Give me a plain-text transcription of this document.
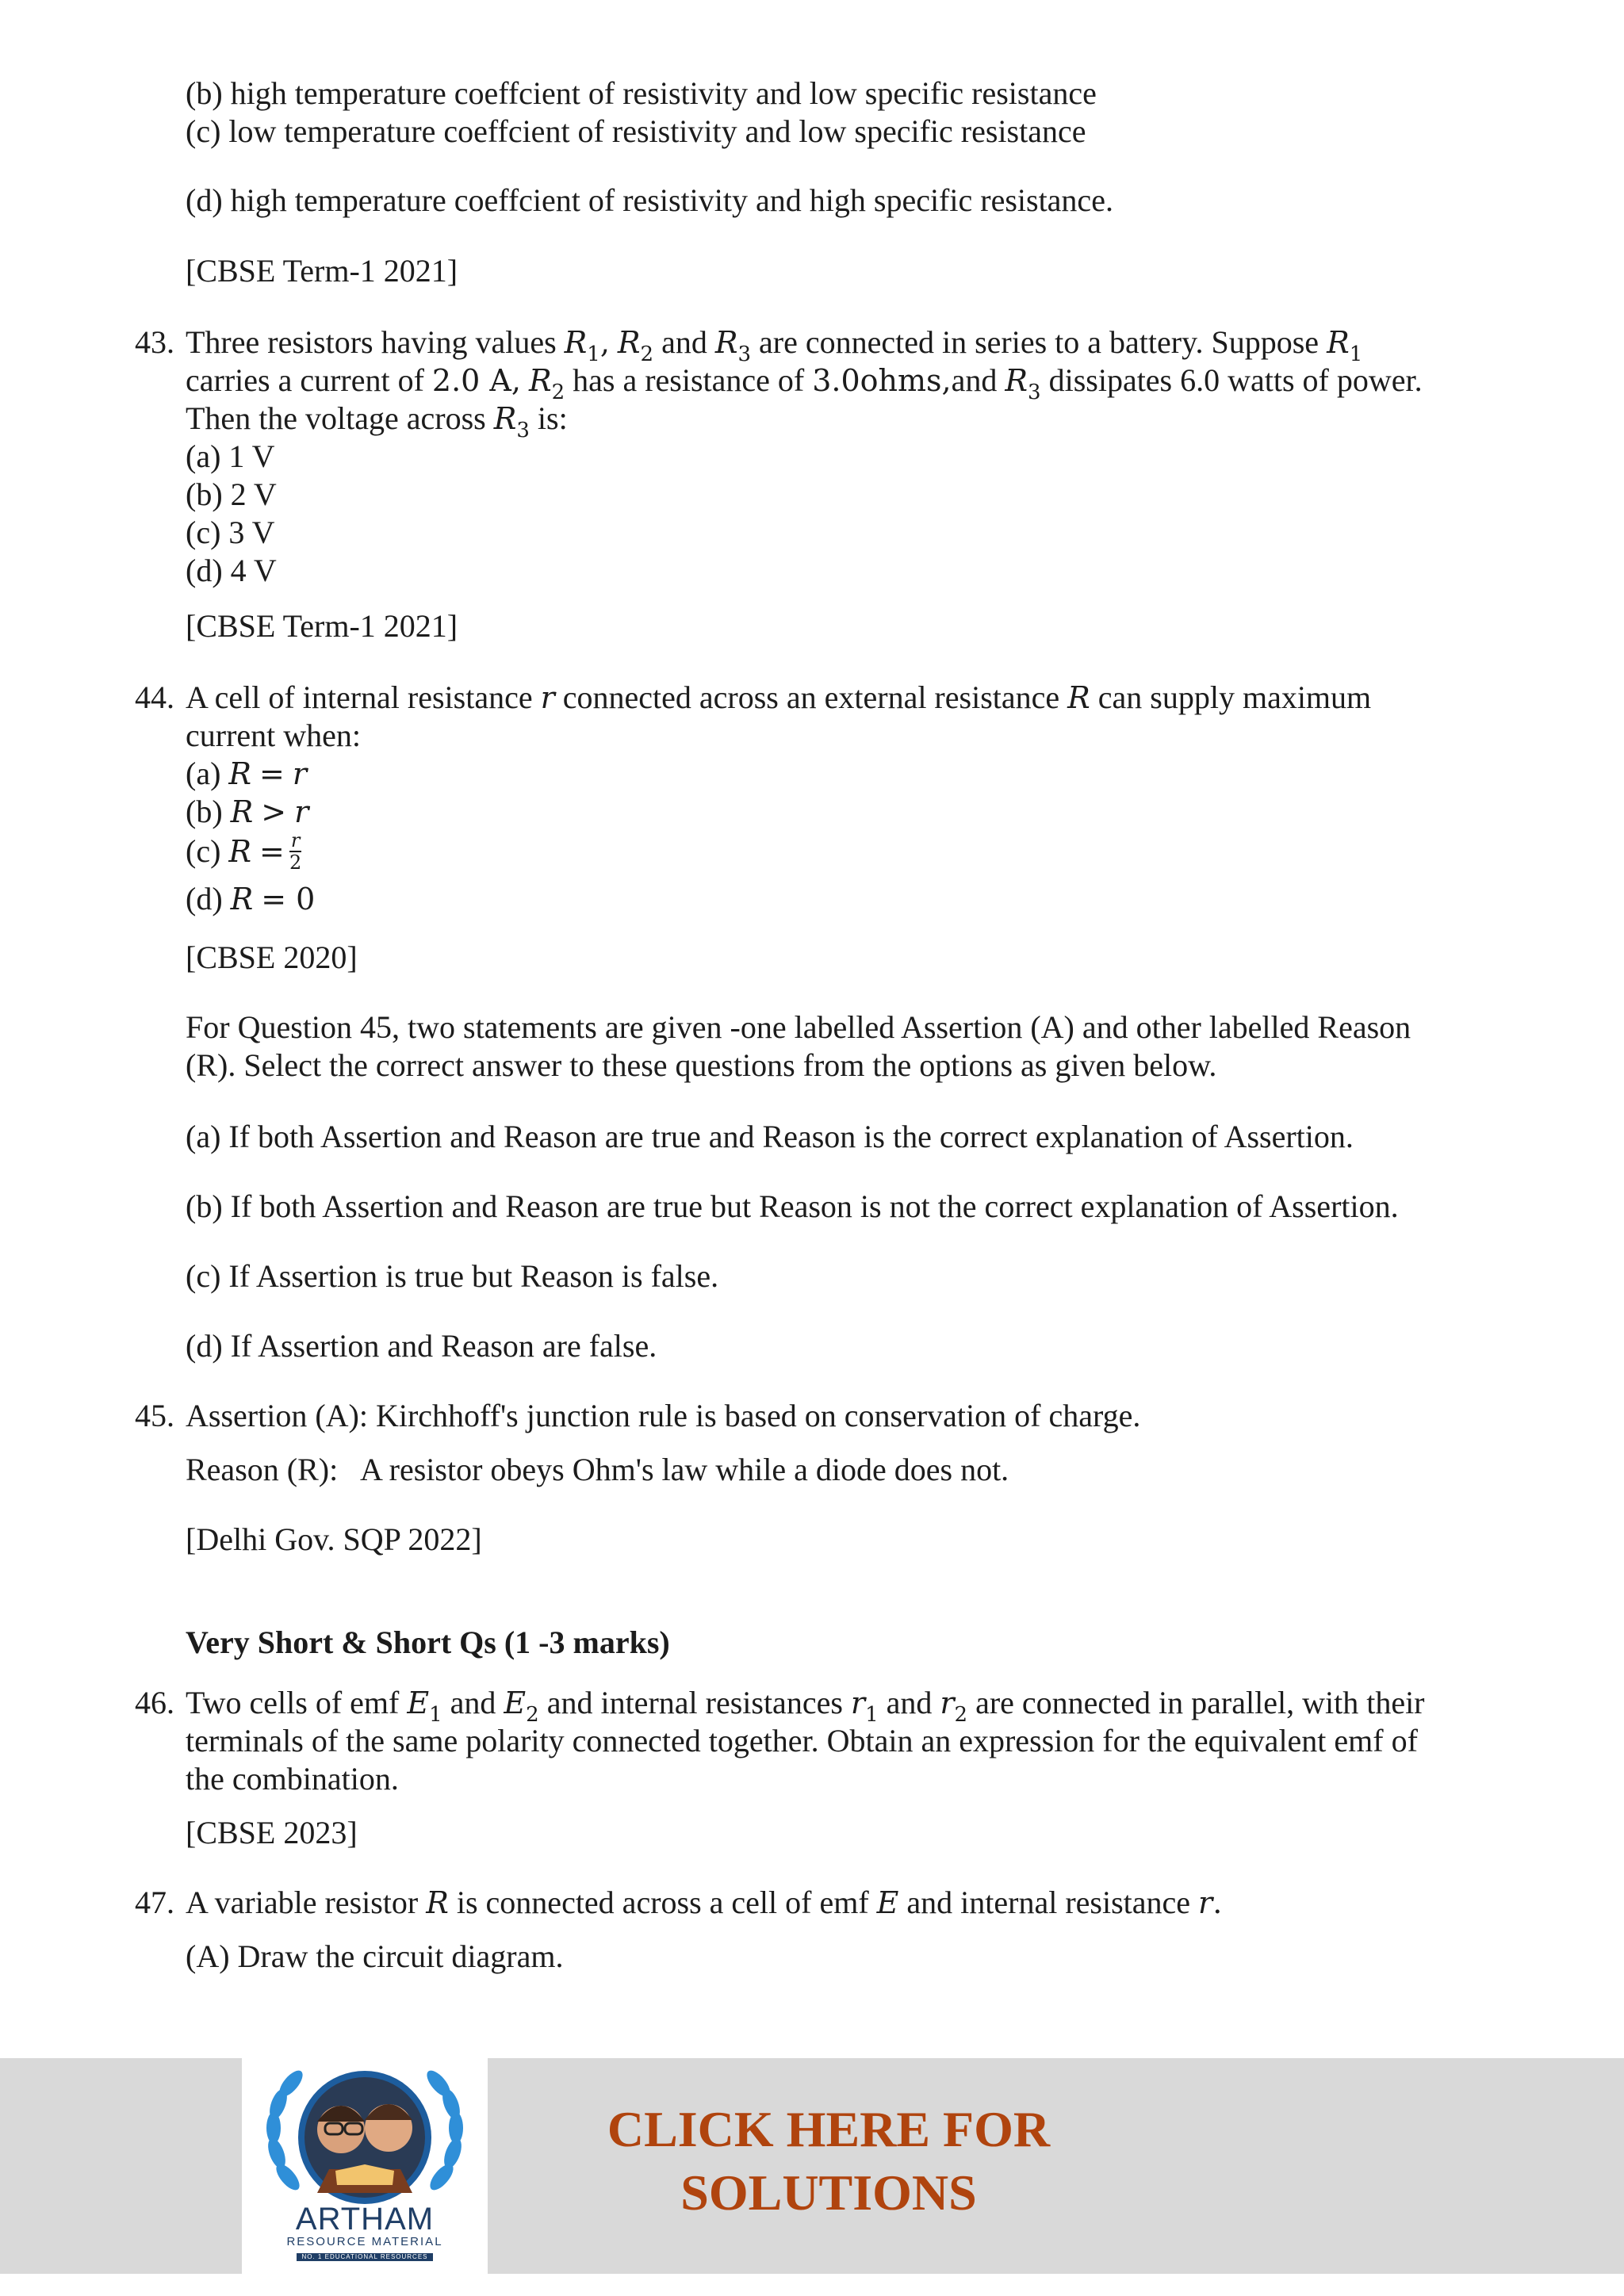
(b) high temperature coeffcient of resistivity and low specific resistance
(c) low temperature coeffcient of resistivity and low specific resistance
(d) high temperature coeffcient of resistivity and high specific resistance.
[CBSE Term-1 2021]
43. Three resistors having values $R_1$, $R_2$ and $R_3$ are connected in series to a battery. Suppose $R_1$
carries a current of 2.0 A, $R_2$ has a resistance of 3.0ohms,and $R_3$ dissipates 6.0 watts of power.
Then the voltage across $R_3$ is:
(a) 1 V
(b) 2 V
(c) 3 V
(d) 4 V
[CBSE Term-1 2021]
44. A cell of internal resistance r connected across an external resistance R can supply maximum
current when:
(a) R = r
(b) R > r
(c) $R = \frac{r}{2}$
(d) R = 0
[CBSE 2020]
For Question 45, two statements are given -one labelled Assertion (A) and other labelled Reason
(R). Select the correct answer to these questions from the options as given below.
(a) If both Assertion and Reason are true and Reason is the correct explanation of Assertion.
(b) If both Assertion and Reason are true but Reason is not the correct explanation of Assertion.
(c) If Assertion is true but Reason is false.
(d) If Assertion and Reason are false.
45. Assertion (A): Kirchhoff's junction rule is based on conservation of charge.
Reason (R):   A resistor obeys Ohm's law while a diode does not.
[Delhi Gov. SQP 2022]
Very Short & Short Qs (1 -3 marks)
46. Two cells of emf $E_1$ and $E_2$ and internal resistances $r_1$ and $r_2$ are connected in parallel, with their
terminals of the same polarity connected together. Obtain an expression for the equivalent emf of
the combination.
[CBSE 2023]
47. A variable resistor R is connected across a cell of emf E and internal resistance r.
(A) Draw the circuit diagram.
ARTHAM
RESOURCE MATERIAL
NO. 1 EDUCATIONAL RESOURCES
CLICK HERE FOR
SOLUTIONS
